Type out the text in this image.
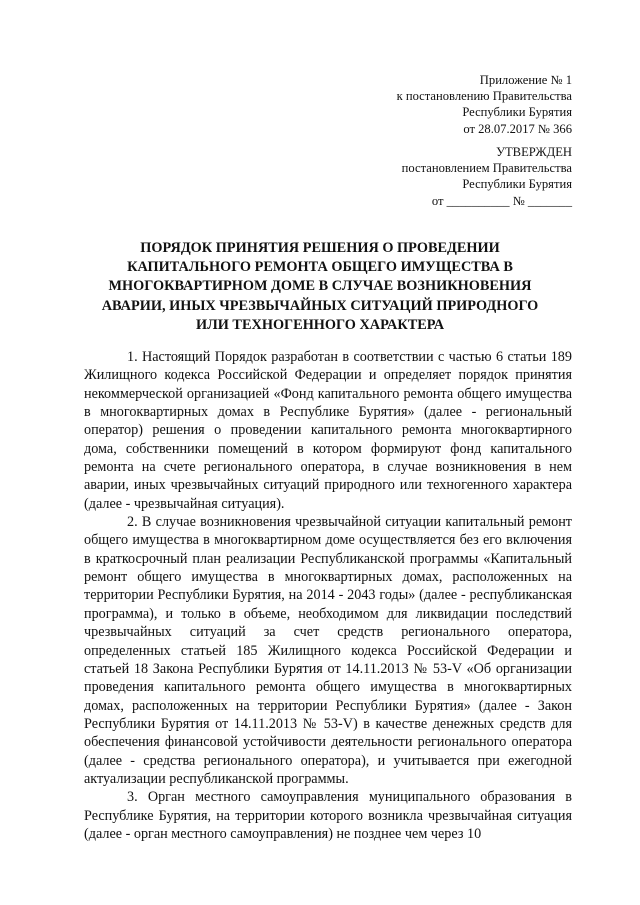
Приложение № 1
к постановлению Правительства
Республики Бурятия
от 28.07.2017 № 366
УТВЕРЖДЕН
постановлением Правительства
Республики Бурятия
от __________ № _______
ПОРЯДОК ПРИНЯТИЯ РЕШЕНИЯ О ПРОВЕДЕНИИ
КАПИТАЛЬНОГО РЕМОНТА ОБЩЕГО ИМУЩЕСТВА В
МНОГОКВАРТИРНОМ ДОМЕ В СЛУЧАЕ ВОЗНИКНОВЕНИЯ
АВАРИИ, ИНЫХ ЧРЕЗВЫЧАЙНЫХ СИТУАЦИЙ ПРИРОДНОГО
ИЛИ ТЕХНОГЕННОГО ХАРАКТЕРА

1. Настоящий Порядок разработан в соответствии с частью 6 статьи 189 Жилищного кодекса Российской Федерации и определяет порядок принятия некоммерческой организацией «Фонд капитального ремонта общего имущества в многоквартирных домах в Республике Бурятия» (далее - региональный оператор) решения о проведении капитального ремонта многоквартирного дома, собственники помещений в котором формируют фонд капитального ремонта на счете регионального оператора, в случае возникновения в нем аварии, иных чрезвычайных ситуаций природного или техногенного характера (далее - чрезвычайная ситуация).

2. В случае возникновения чрезвычайной ситуации капитальный ремонт общего имущества в многоквартирном доме осуществляется без его включения в краткосрочный план реализации Республиканской программы «Капитальный ремонт общего имущества в многоквартирных домах, расположенных на территории Республики Бурятия, на 2014 - 2043 годы» (далее - республиканская программа), и только в объеме, необходимом для ликвидации последствий чрезвычайных ситуаций за счет средств регионального оператора, определенных статьей 185 Жилищного кодекса Российской Федерации и статьей 18 Закона Республики Бурятия от 14.11.2013 № 53-V «Об организации проведения капитального ремонта общего имущества в многоквартирных домах, расположенных на территории Республики Бурятия» (далее - Закон Республики Бурятия от 14.11.2013 № 53-V) в качестве денежных средств для обеспечения финансовой устойчивости деятельности регионального оператора (далее - средства регионального оператора), и учитывается при ежегодной актуализации республиканской программы.

3. Орган местного самоуправления муниципального образования в Республике Бурятия, на территории которого возникла чрезвычайная ситуация (далее - орган местного самоуправления) не позднее чем через 10
